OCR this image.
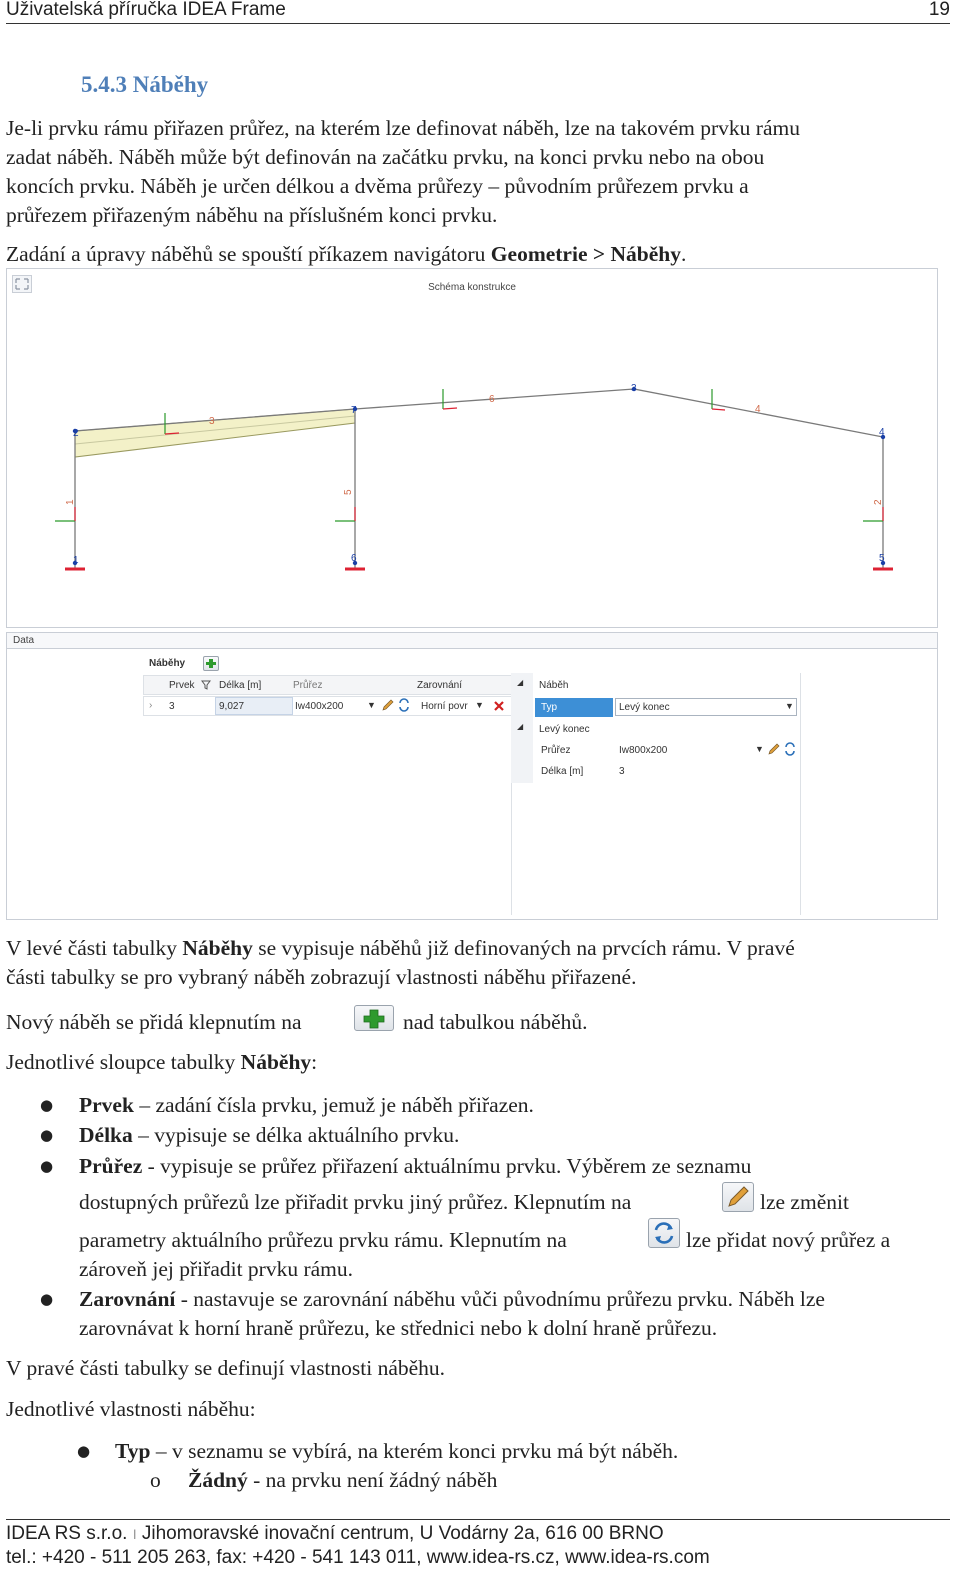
Uživatelská příručka IDEA Frame	19
5.4.3 Náběhy
Je-li prvku rámu přiřazen průřez, na kterém lze definovat náběh, lze na takovém prvku rámu
zadat náběh. Náběh může být definován na začátku prvku, na konci prvku nebo na obou
koncích prvku. Náběh je určen délkou a dvěma průřezy – původním průřezem prvku a
průřezem přiřazeným náběhu na příslušném konci prvku.
Zadání a úpravy náběhů se spouští příkazem navigátoru Geometrie > Náběhy.
Schéma konstrukce
1
2
3
4
5
6
7
1	2
3
4
5
6
Data
Náběhy
Prvek Délka [m]	Průřez	Zarovnání
› 3	9,027	Iw400x200	▼	Horní povr ▼
◢ Náběh
Typ	Levý konec	▼
◢ Levý konec
Průřez	Iw800x200	▼
Délka [m]	3
V levé části tabulky Náběhy se vypisuje náběhů již definovaných na prvcích rámu. V pravé
části tabulky se pro vybraný náběh zobrazují vlastnosti náběhu přiřazené.
Nový náběh se přidá klepnutím na	nad tabulkou náběhů.
Jednotlivé sloupce tabulky Náběhy:
● Prvek – zadání čísla prvku, jemuž je náběh přiřazen.
● Délka – vypisuje se délka aktuálního prvku.
● Průřez - vypisuje se průřez přiřazení aktuálnímu prvku. Výběrem ze seznamu
dostupných průřezů lze přiřadit prvku jiný průřez. Klepnutím na	lze změnit
parametry aktuálního průřezu prvku rámu. Klepnutím na	lze přidat nový průřez a
zároveň jej přiřadit prvku rámu.
● Zarovnání - nastavuje se zarovnání náběhu vůči původnímu průřezu prvku. Náběh lze
zarovnávat k horní hraně průřezu, ke střednici nebo k dolní hraně průřezu.
V pravé části tabulky se definují vlastnosti náběhu.
Jednotlivé vlastnosti náběhu:
● Typ – v seznamu se vybírá, na kterém konci prvku má být náběh.
o Žádný - na prvku není žádný náběh
IDEA RS s.r.o. I Jihomoravské inovační centrum, U Vodárny 2a, 616 00 BRNO
tel.: +420 - 511 205 263, fax: +420 - 541 143 011, www.idea-rs.cz, www.idea-rs.com
